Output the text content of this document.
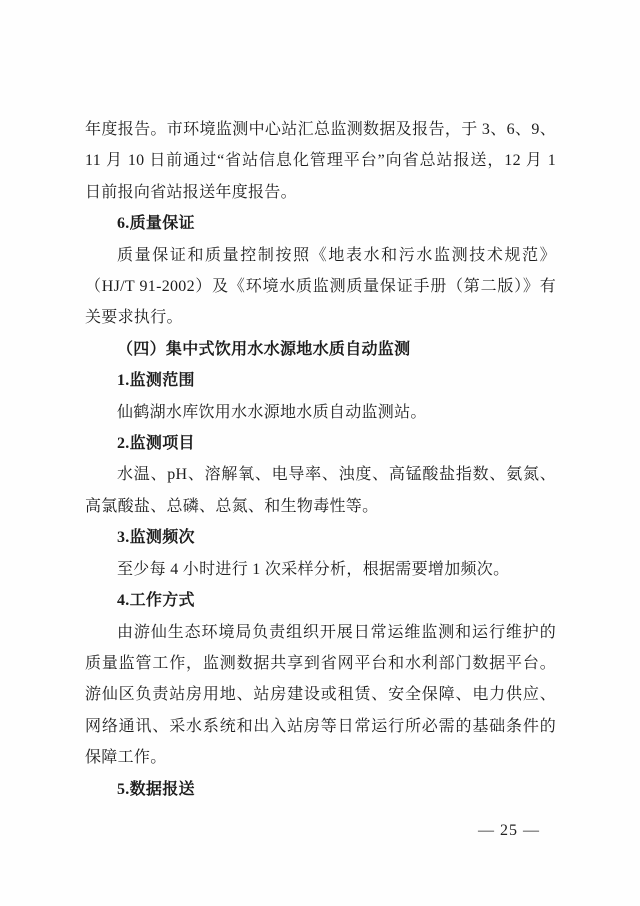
年度报告。市环境监测中心站汇总监测数据及报告，于 3、6、9、11 月 10 日前通过“省站信息化管理平台”向省总站报送，12 月 1 日前报向省站报送年度报告。

6.质量保证

质量保证和质量控制按照《地表水和污水监测技术规范》（HJ/T 91-2002）及《环境水质监测质量保证手册（第二版）》有关要求执行。

（四）集中式饮用水水源地水质自动监测

1.监测范围

仙鹤湖水库饮用水水源地水质自动监测站。

2.监测项目

水温、pH、溶解氧、电导率、浊度、高锰酸盐指数、氨氮、高氯酸盐、总磷、总氮、和生物毒性等。

3.监测频次

至少每 4 小时进行 1 次采样分析，根据需要增加频次。

4.工作方式

由游仙生态环境局负责组织开展日常运维监测和运行维护的质量监管工作，监测数据共享到省网平台和水利部门数据平台。游仙区负责站房用地、站房建设或租赁、安全保障、电力供应、网络通讯、采水系统和出入站房等日常运行所必需的基础条件的保障工作。

5.数据报送

— 25 —
